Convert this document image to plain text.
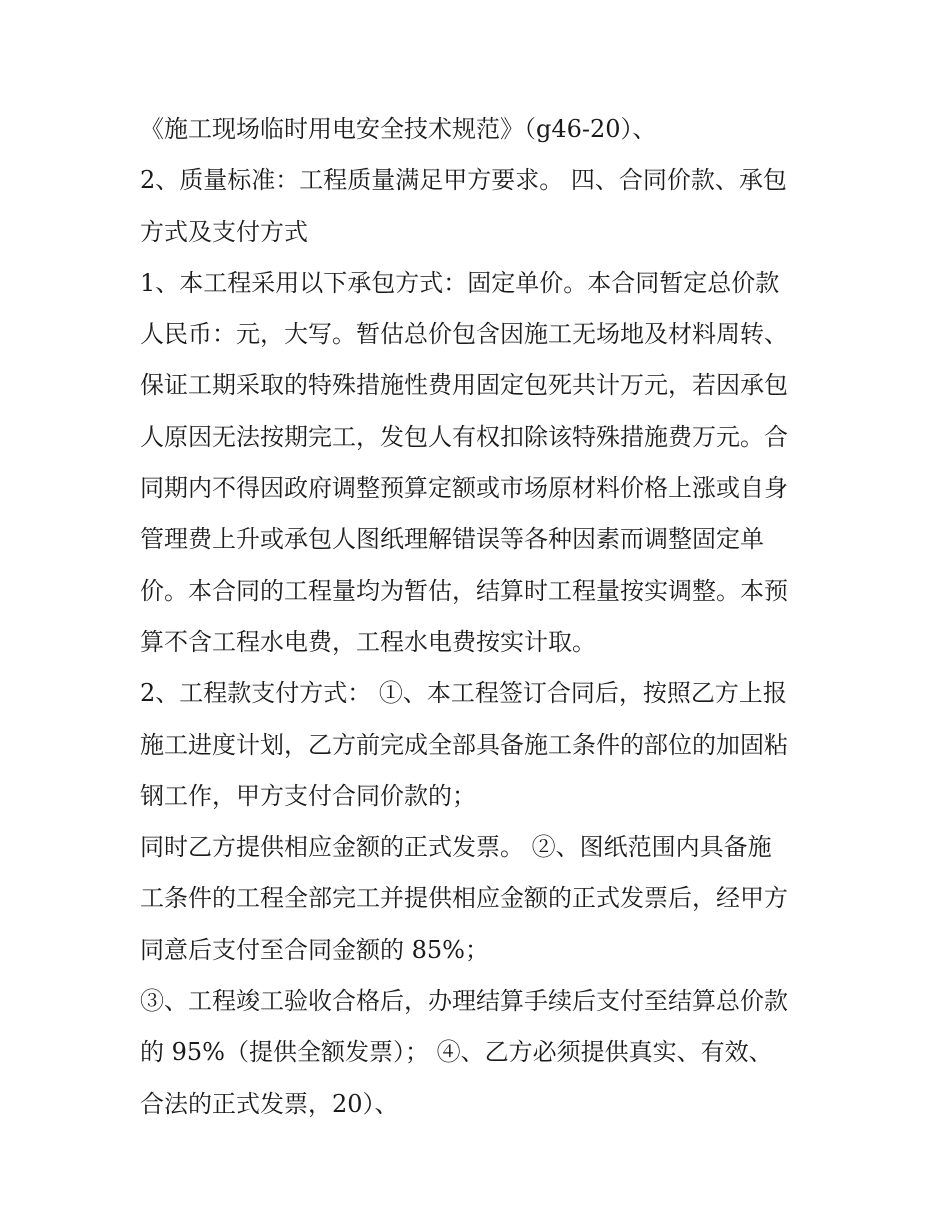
《施工现场临时用电安全技术规范》（g46-20）、
2、质量标准：工程质量满足甲方要求。 四、合同价款、承包
方式及支付方式
1、本工程采用以下承包方式：固定单价。本合同暂定总价款
人民币：元，大写。暂估总价包含因施工无场地及材料周转、
保证工期采取的特殊措施性费用固定包死共计万元，若因承包
人原因无法按期完工，发包人有权扣除该特殊措施费万元。合
同期内不得因政府调整预算定额或市场原材料价格上涨或自身
管理费上升或承包人图纸理解错误等各种因素而调整固定单
价。本合同的工程量均为暂估，结算时工程量按实调整。本预
算不含工程水电费，工程水电费按实计取。
2、工程款支付方式： ①、本工程签订合同后，按照乙方上报
施工进度计划，乙方前完成全部具备施工条件的部位的加固粘
钢工作，甲方支付合同价款的；
同时乙方提供相应金额的正式发票。 ②、图纸范围内具备施
工条件的工程全部完工并提供相应金额的正式发票后，经甲方
同意后支付至合同金额的 85%；
③、工程竣工验收合格后，办理结算手续后支付至结算总价款
的 95%（提供全额发票）； ④、乙方必须提供真实、有效、
合法的正式发票，20）、
